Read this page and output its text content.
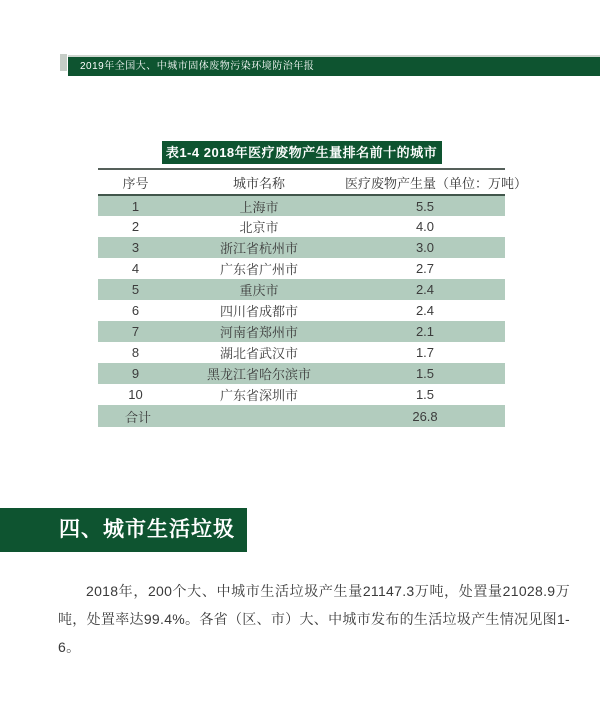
2019年全国大、中城市固体废物污染环境防治年报
表1-4 2018年医疗废物产生量排名前十的城市
序号	城市名称	医疗废物产生量（单位：万吨）
1	上海市	5.5
2	北京市	4.0
3	浙江省杭州市	3.0
4	广东省广州市	2.7
5	重庆市	2.4
6	四川省成都市	2.4
7	河南省郑州市	2.1
8	湖北省武汉市	1.7
9	黑龙江省哈尔滨市	1.5
10	广东省深圳市	1.5
合计		26.8
四、城市生活垃圾

2018年，200个大、中城市生活垃圾产生量21147.3万吨，处置量21028.9万吨，处置率达99.4%。各省（区、市）大、中城市发布的生活垃圾产生情况见图1-6。
